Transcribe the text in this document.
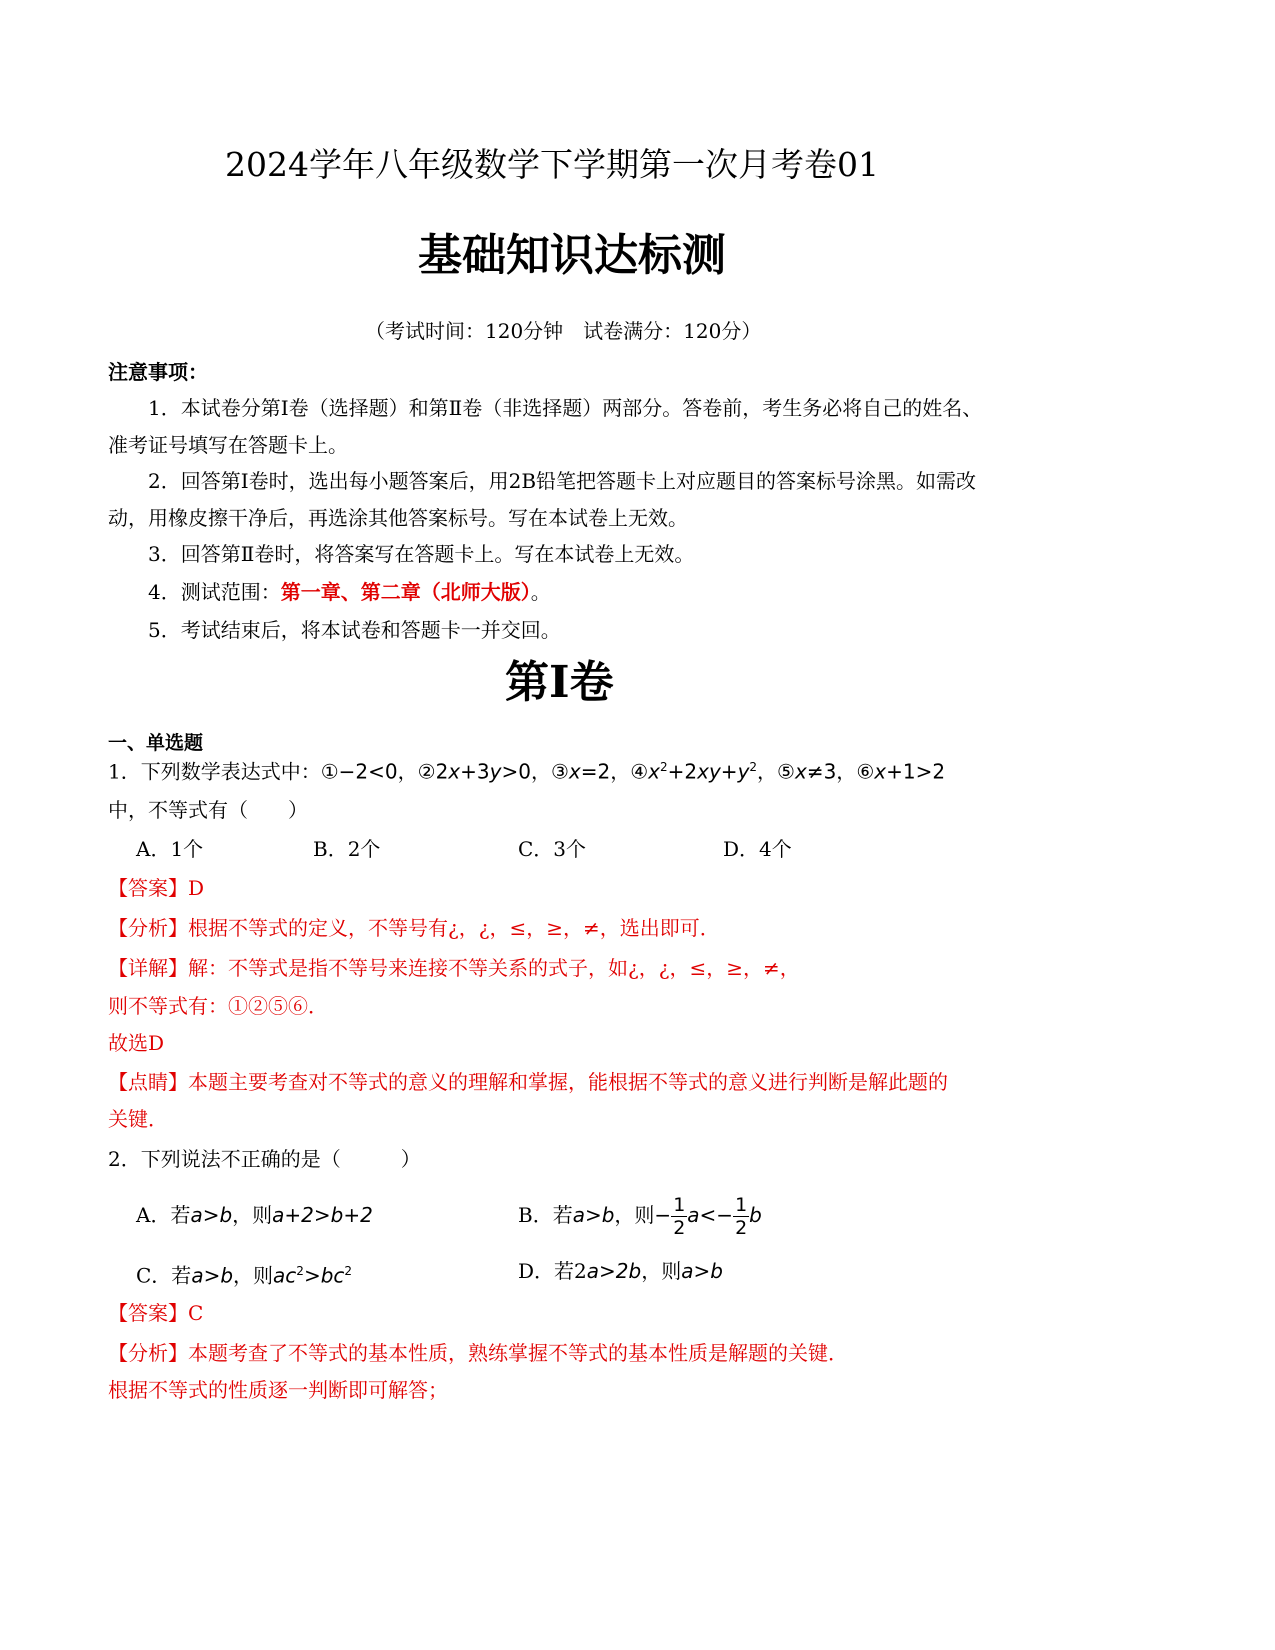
2024学年八年级数学下学期第一次月考卷01
基础知识达标测
（考试时间：120分钟　试卷满分：120分）
注意事项：
1．本试卷分第Ⅰ卷（选择题）和第Ⅱ卷（非选择题）两部分。答卷前，考生务必将自己的姓名、
准考证号填写在答题卡上。
2．回答第Ⅰ卷时，选出每小题答案后，用2B铅笔把答题卡上对应题目的答案标号涂黑。如需改
动，用橡皮擦干净后，再选涂其他答案标号。写在本试卷上无效。
3．回答第Ⅱ卷时，将答案写在答题卡上。写在本试卷上无效。
4．测试范围：第一章、第二章（北师大版）。
5．考试结束后，将本试卷和答题卡一并交回。
第Ⅰ卷
一、单选题
1．下列数学表达式中：①−2<0，②2x+3y>0，③x=2，$④x^2+2xy+y^2$，⑤x≠3，⑥x+1>2
中，不等式有（　　）
A．1个	B．2个	C．3个	D．4个
【答案】D
【分析】根据不等式的定义，不等号有¿，¿，≤，≥，≠，选出即可．
【详解】解：不等式是指不等号来连接不等关系的式子，如¿，¿，≤，≥，≠，
则不等式有：①②⑤⑥．
故选D
【点睛】本题主要考查对不等式的意义的理解和掌握，能根据不等式的意义进行判断是解此题的
关键．
2．下列说法不正确的是（　　　）
A．若a>b，则a+2>b+2	B．若a>b，则− $\frac{1}{2} a<- \frac{1}{2}$ b
C．若a>b，则$ac^2>bc^2$	D．若2a>2b，则a>b
【答案】C
【分析】本题考查了不等式的基本性质，熟练掌握不等式的基本性质是解题的关键．
根据不等式的性质逐一判断即可解答；
